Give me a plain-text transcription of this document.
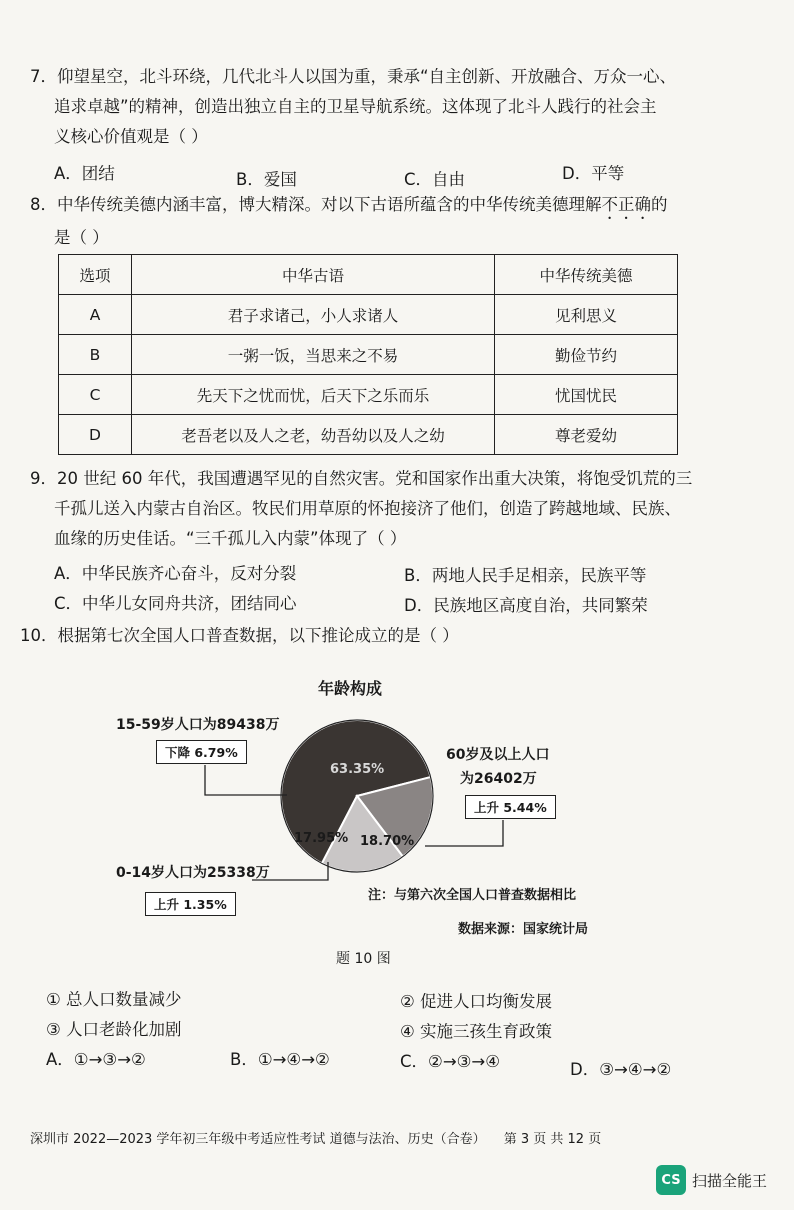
7．仰望星空，北斗环绕，几代北斗人以国为重，秉承“自主创新、开放融合、万众一心、
追求卓越”的精神，创造出独立自主的卫星导航系统。这体现了北斗人践行的社会主
义核心价值观是（ ）
A．团结	B．爱国	C．自由	D．平等
8．中华传统美德内涵丰富，博大精深。对以下古语所蕴含的中华传统美德理解不正确的
是（ ）
选项	中华古语	中华传统美德
A	君子求诸己，小人求诸人	见利思义
B	一粥一饭，当思来之不易	勤俭节约
C	先天下之忧而忧，后天下之乐而乐	忧国忧民
D	老吾老以及人之老，幼吾幼以及人之幼	尊老爱幼
9．20 世纪 60 年代，我国遭遇罕见的自然灾害。党和国家作出重大决策，将饱受饥荒的三
千孤儿送入内蒙古自治区。牧民们用草原的怀抱接济了他们，创造了跨越地域、民族、
血缘的历史佳话。“三千孤儿入内蒙”体现了（ ）
A．中华民族齐心奋斗，反对分裂	B．两地人民手足相亲，民族平等
C．中华儿女同舟共济，团结同心	D．民族地区高度自治，共同繁荣
10．根据第七次全国人口普查数据，以下推论成立的是（ ）
年龄构成
63.35%
18.70%
17.95%
15-59岁人口为89438万
下降 6.79%	60岁及以上人口
为26402万
上升 5.44%
0-14岁人口为25338万
上升 1.35%
注：与第六次全国人口普查数据相比
数据来源：国家统计局
题 10 图
① 总人口数量减少	② 促进人口均衡发展
③ 人口老龄化加剧	④ 实施三孩生育政策
A．①→③→②	B．①→④→②	C．②→③→④	D．③→④→②
深圳市 2022—2023 学年初三年级中考适应性考试 道德与法治、历史（合卷） 第 3 页 共 12 页
CS 扫描全能王
